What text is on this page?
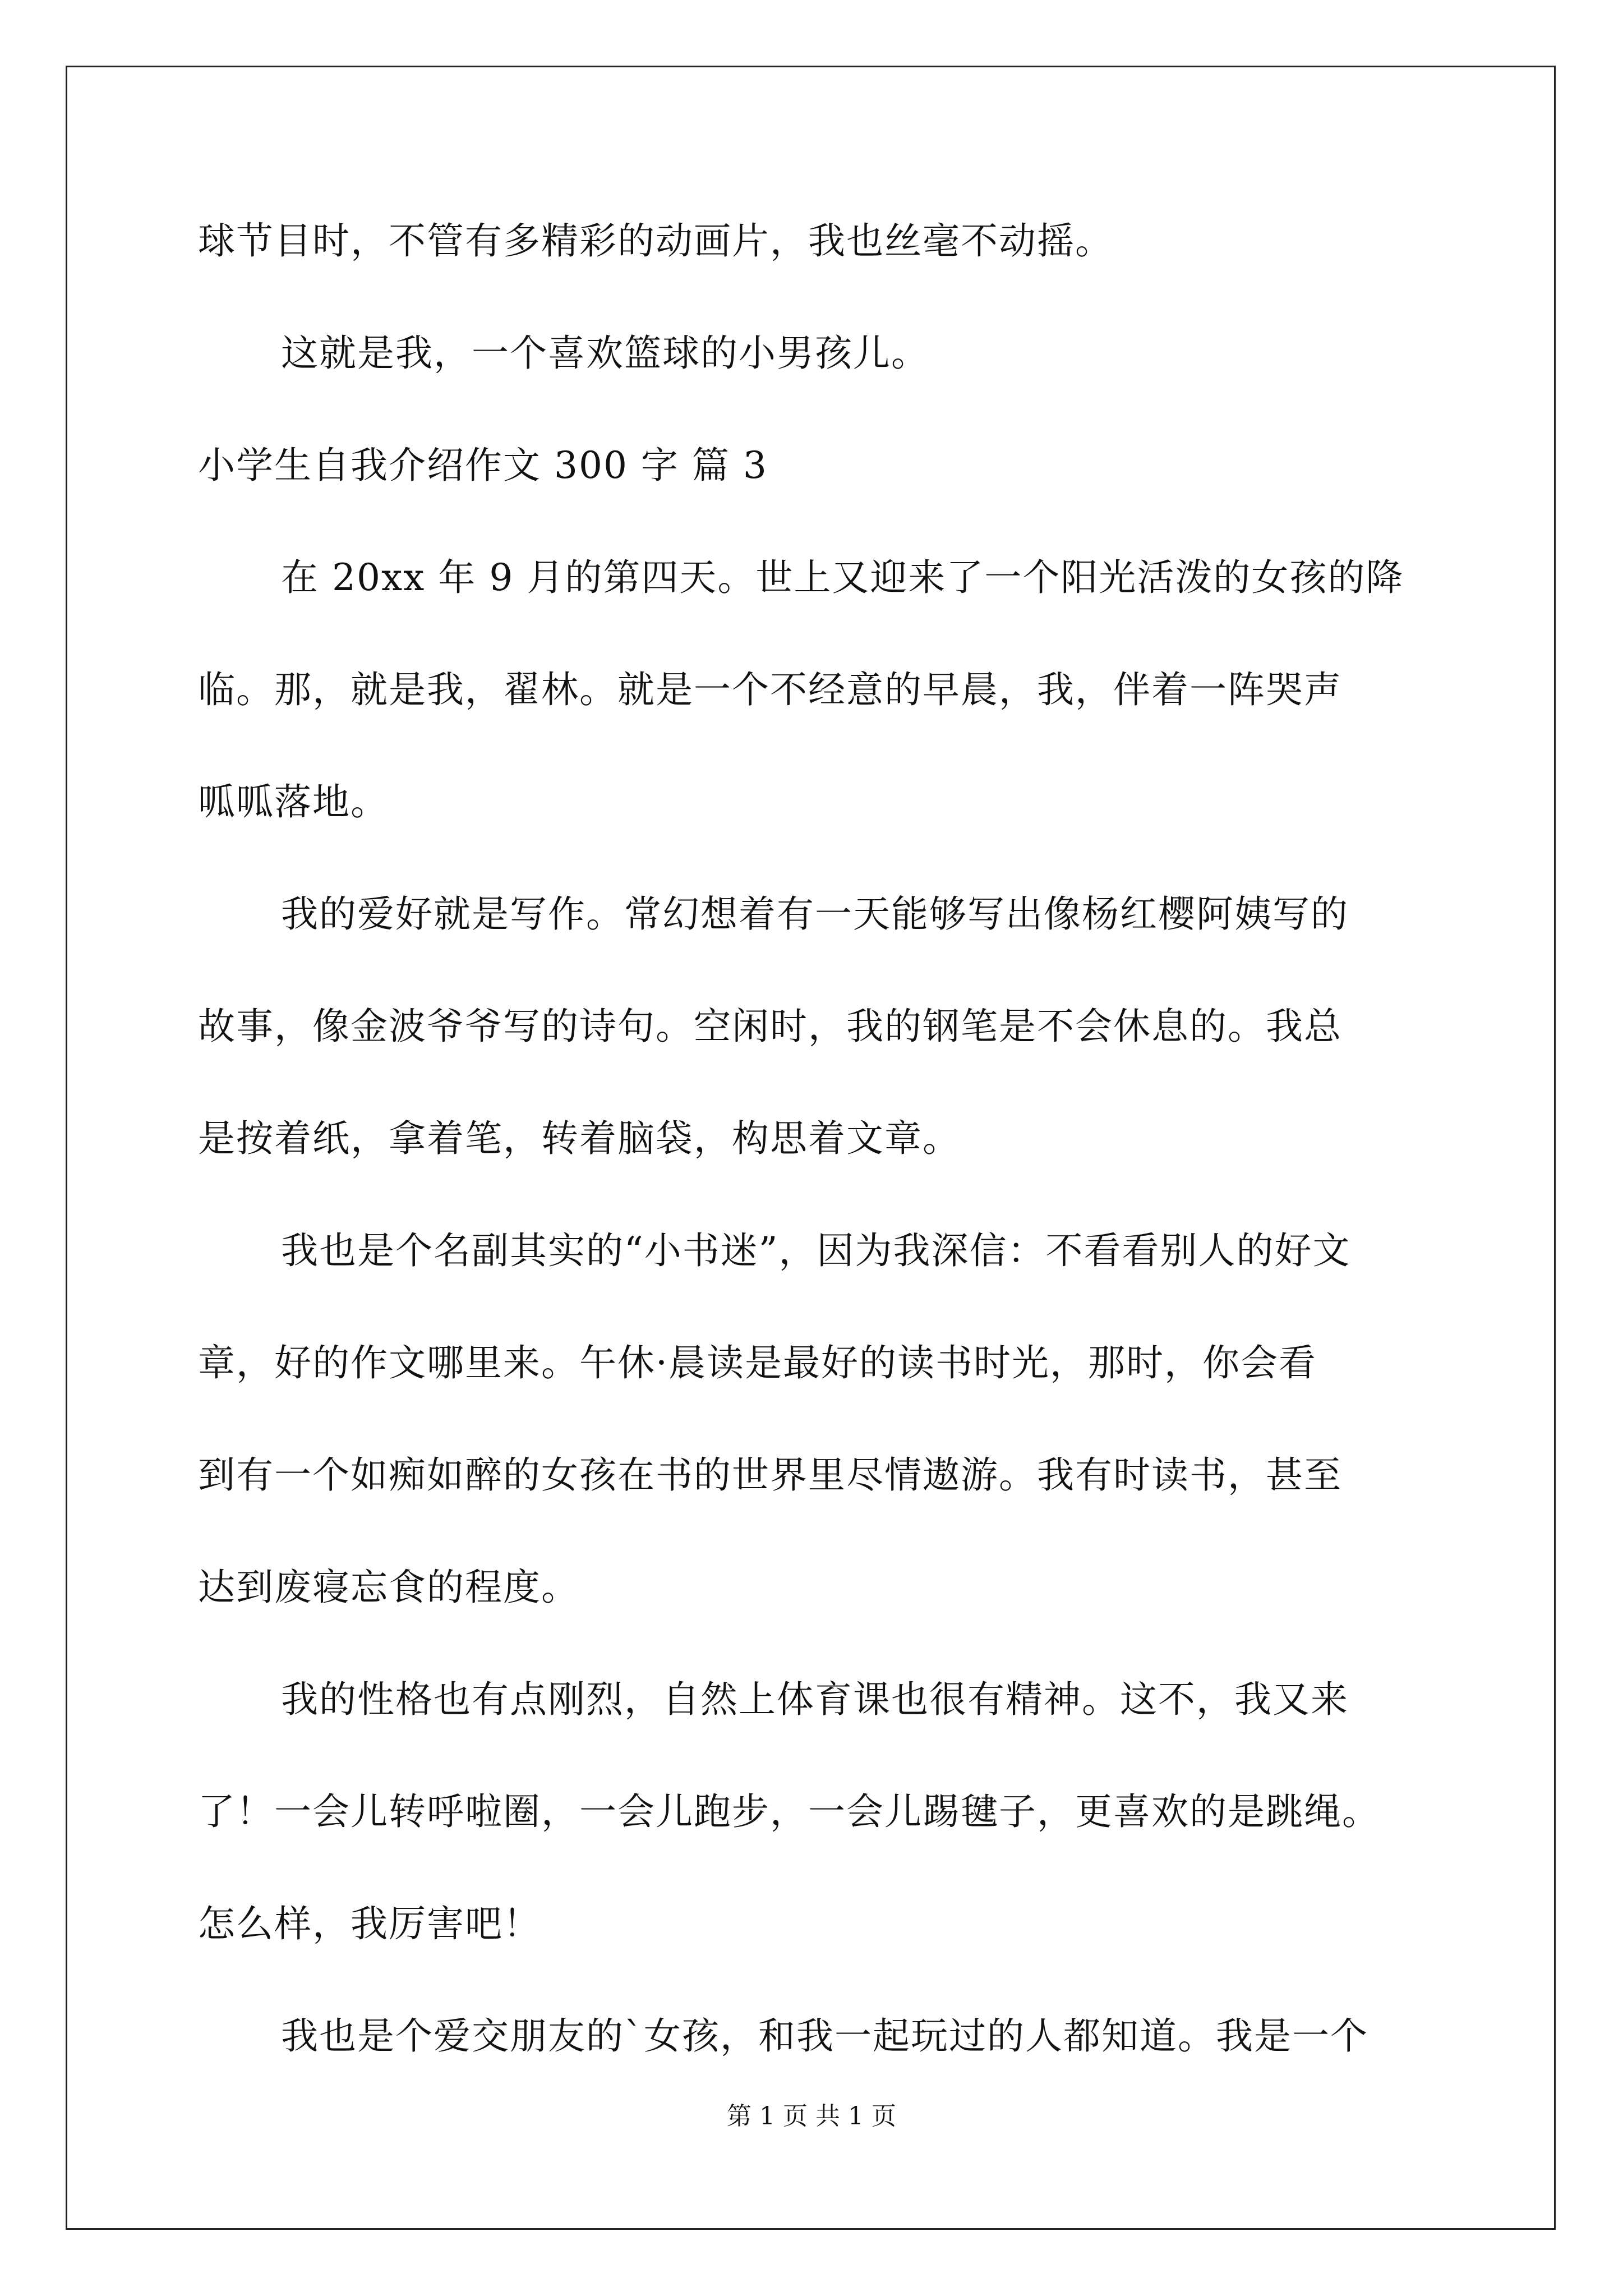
球节目时，不管有多精彩的动画片，我也丝毫不动摇。
这就是我，一个喜欢篮球的小男孩儿。
小学生自我介绍作文 300 字 篇 3
在 20xx 年 9 月的第四天。世上又迎来了一个阳光活泼的女孩的降
临。那，就是我，翟林。就是一个不经意的早晨，我，伴着一阵哭声
呱呱落地。
我的爱好就是写作。常幻想着有一天能够写出像杨红樱阿姨写的
故事，像金波爷爷写的诗句。空闲时，我的钢笔是不会休息的。我总
是按着纸，拿着笔，转着脑袋，构思着文章。
我也是个名副其实的“小书迷”，因为我深信：不看看别人的好文
章，好的作文哪里来。午休·晨读是最好的读书时光，那时，你会看
到有一个如痴如醉的女孩在书的世界里尽情遨游。我有时读书，甚至
达到废寝忘食的程度。
我的性格也有点刚烈，自然上体育课也很有精神。这不，我又来
了！一会儿转呼啦圈，一会儿跑步，一会儿踢毽子，更喜欢的是跳绳。
怎么样，我厉害吧！
我也是个爱交朋友的`女孩，和我一起玩过的人都知道。我是一个
第 1 页 共 1 页
